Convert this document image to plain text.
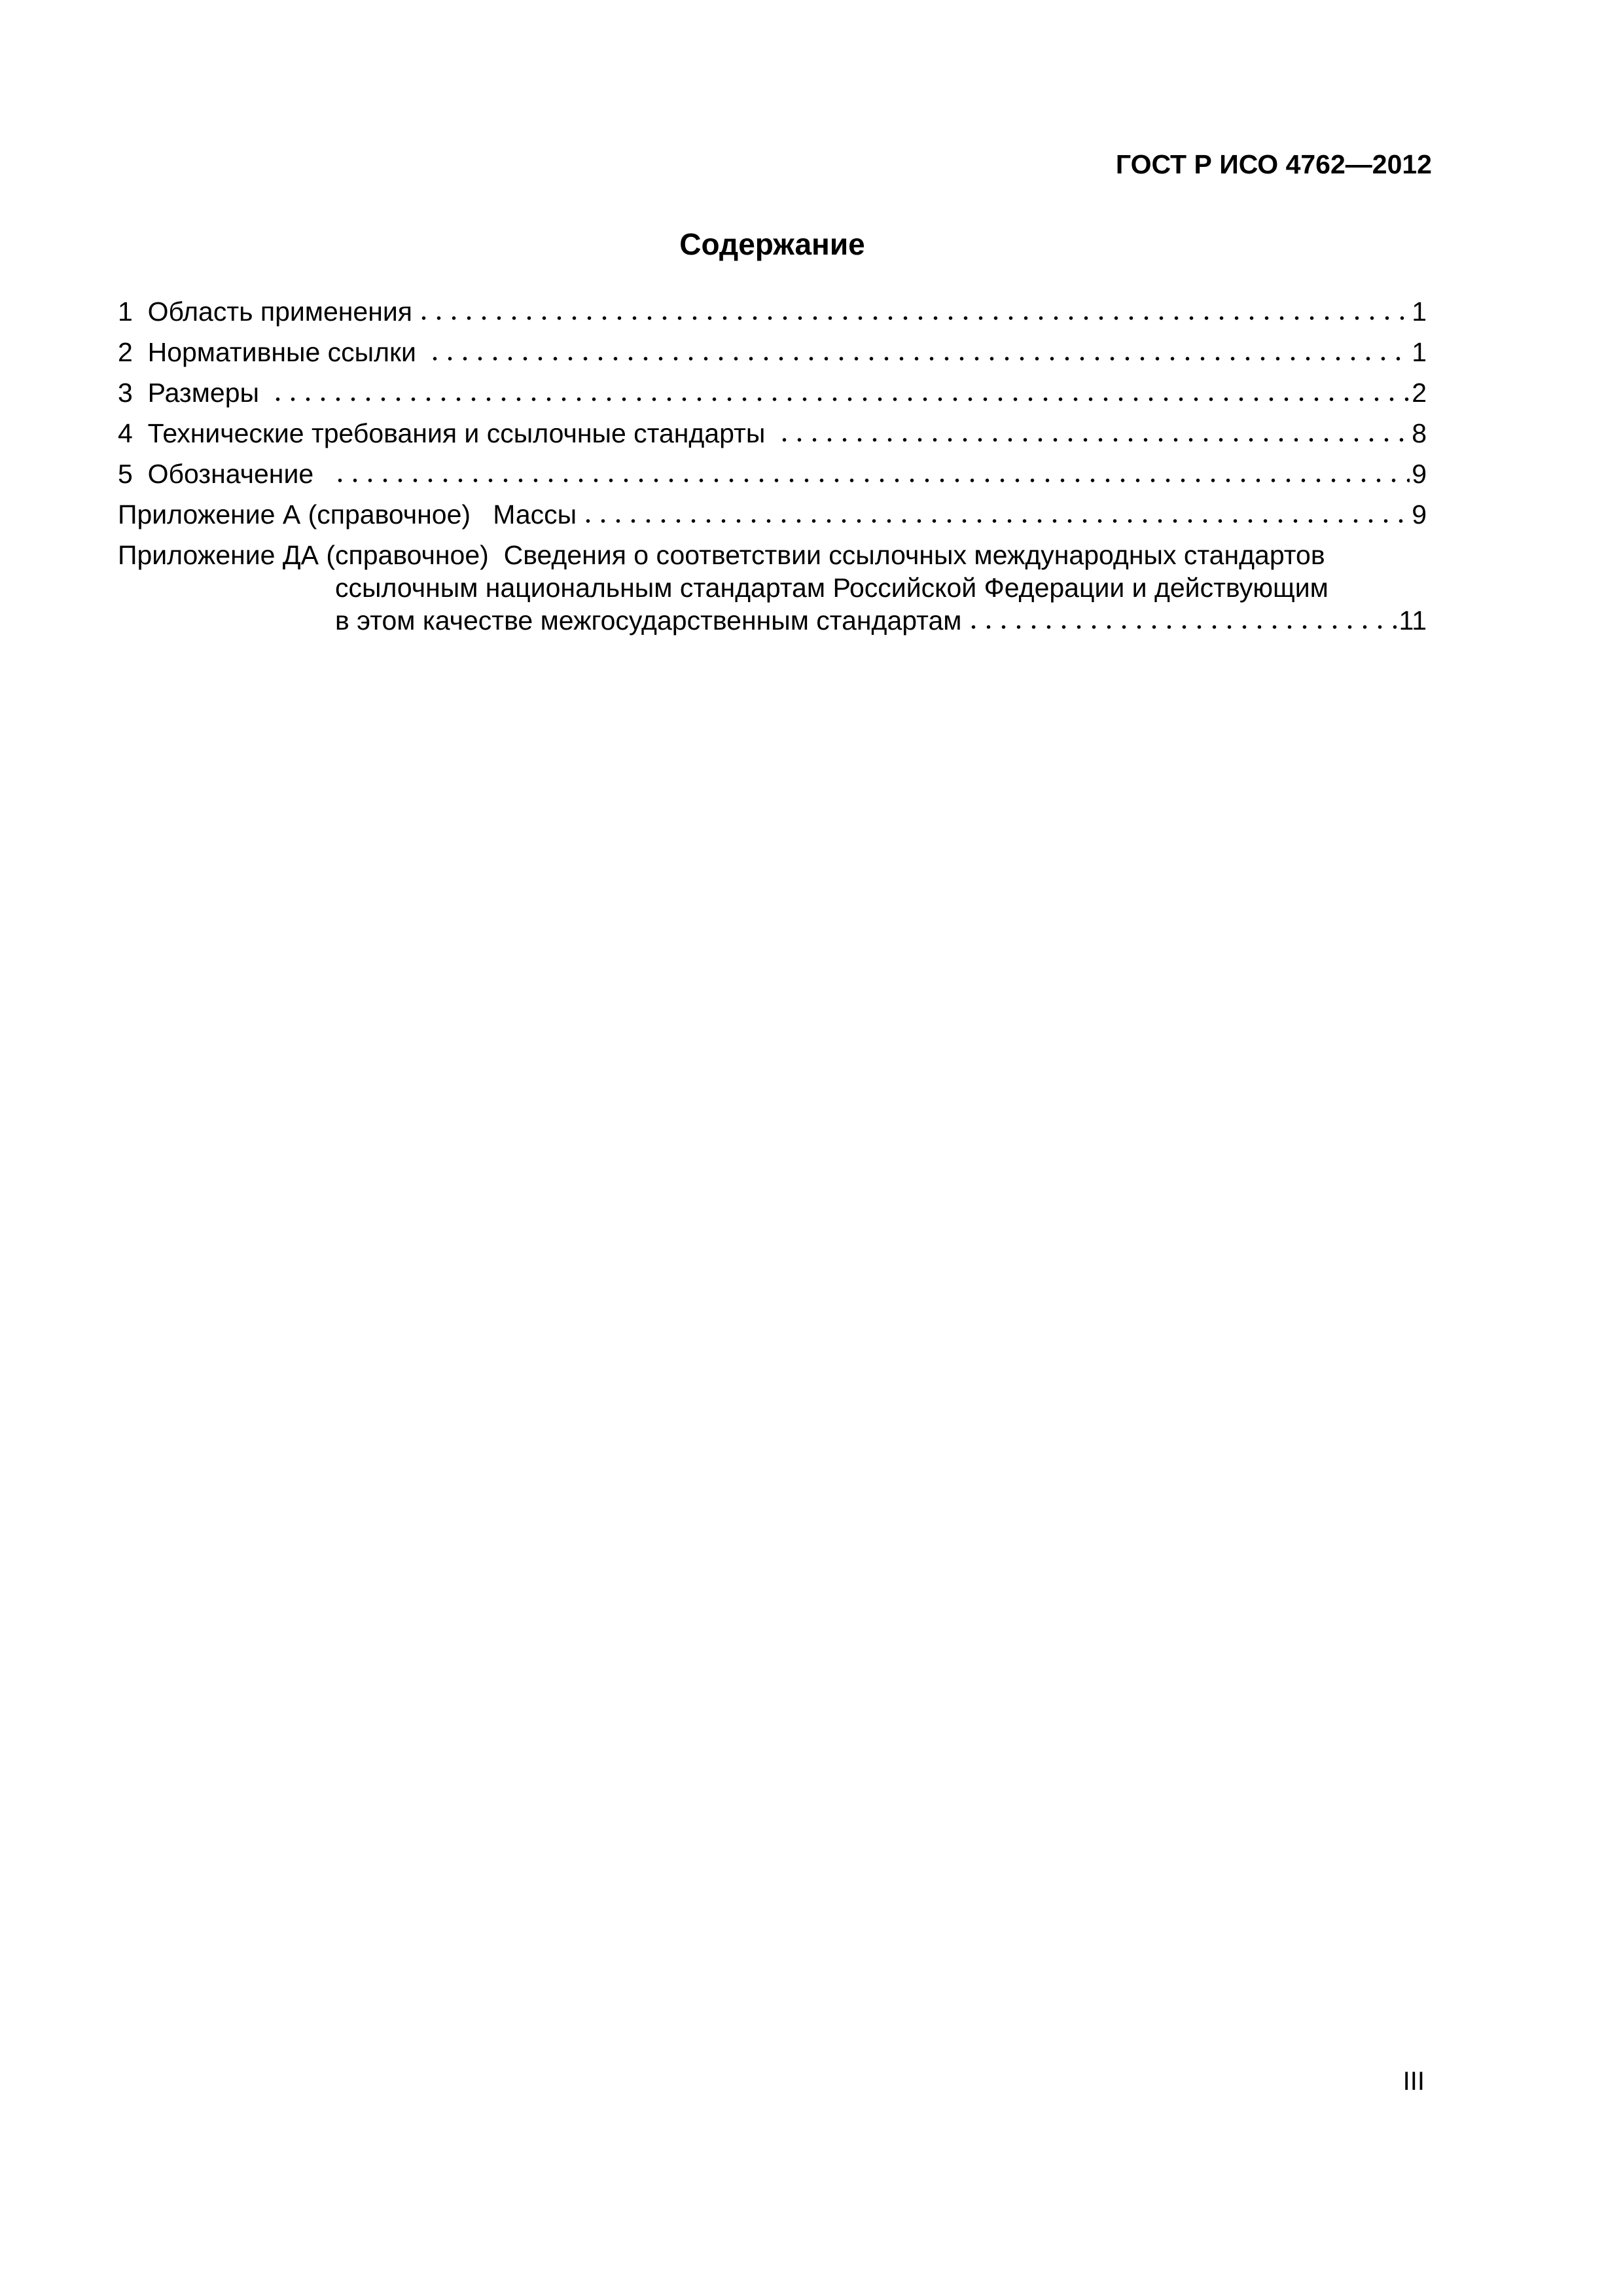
ГОСТ Р ИСО 4762—2012
Содержание
1  Область применения	1
2  Нормативные ссылки	1
3  Размеры	2
4  Технические требования и ссылочные стандарты	8
5  Обозначение	9
Приложение А (справочное)   Массы	9
Приложение ДА (справочное)  Сведения о соответствии ссылочных международных стандартов
ссылочным национальным стандартам Российской Федерации и действующим
в этом качестве межгосударственным стандартам	11
III
